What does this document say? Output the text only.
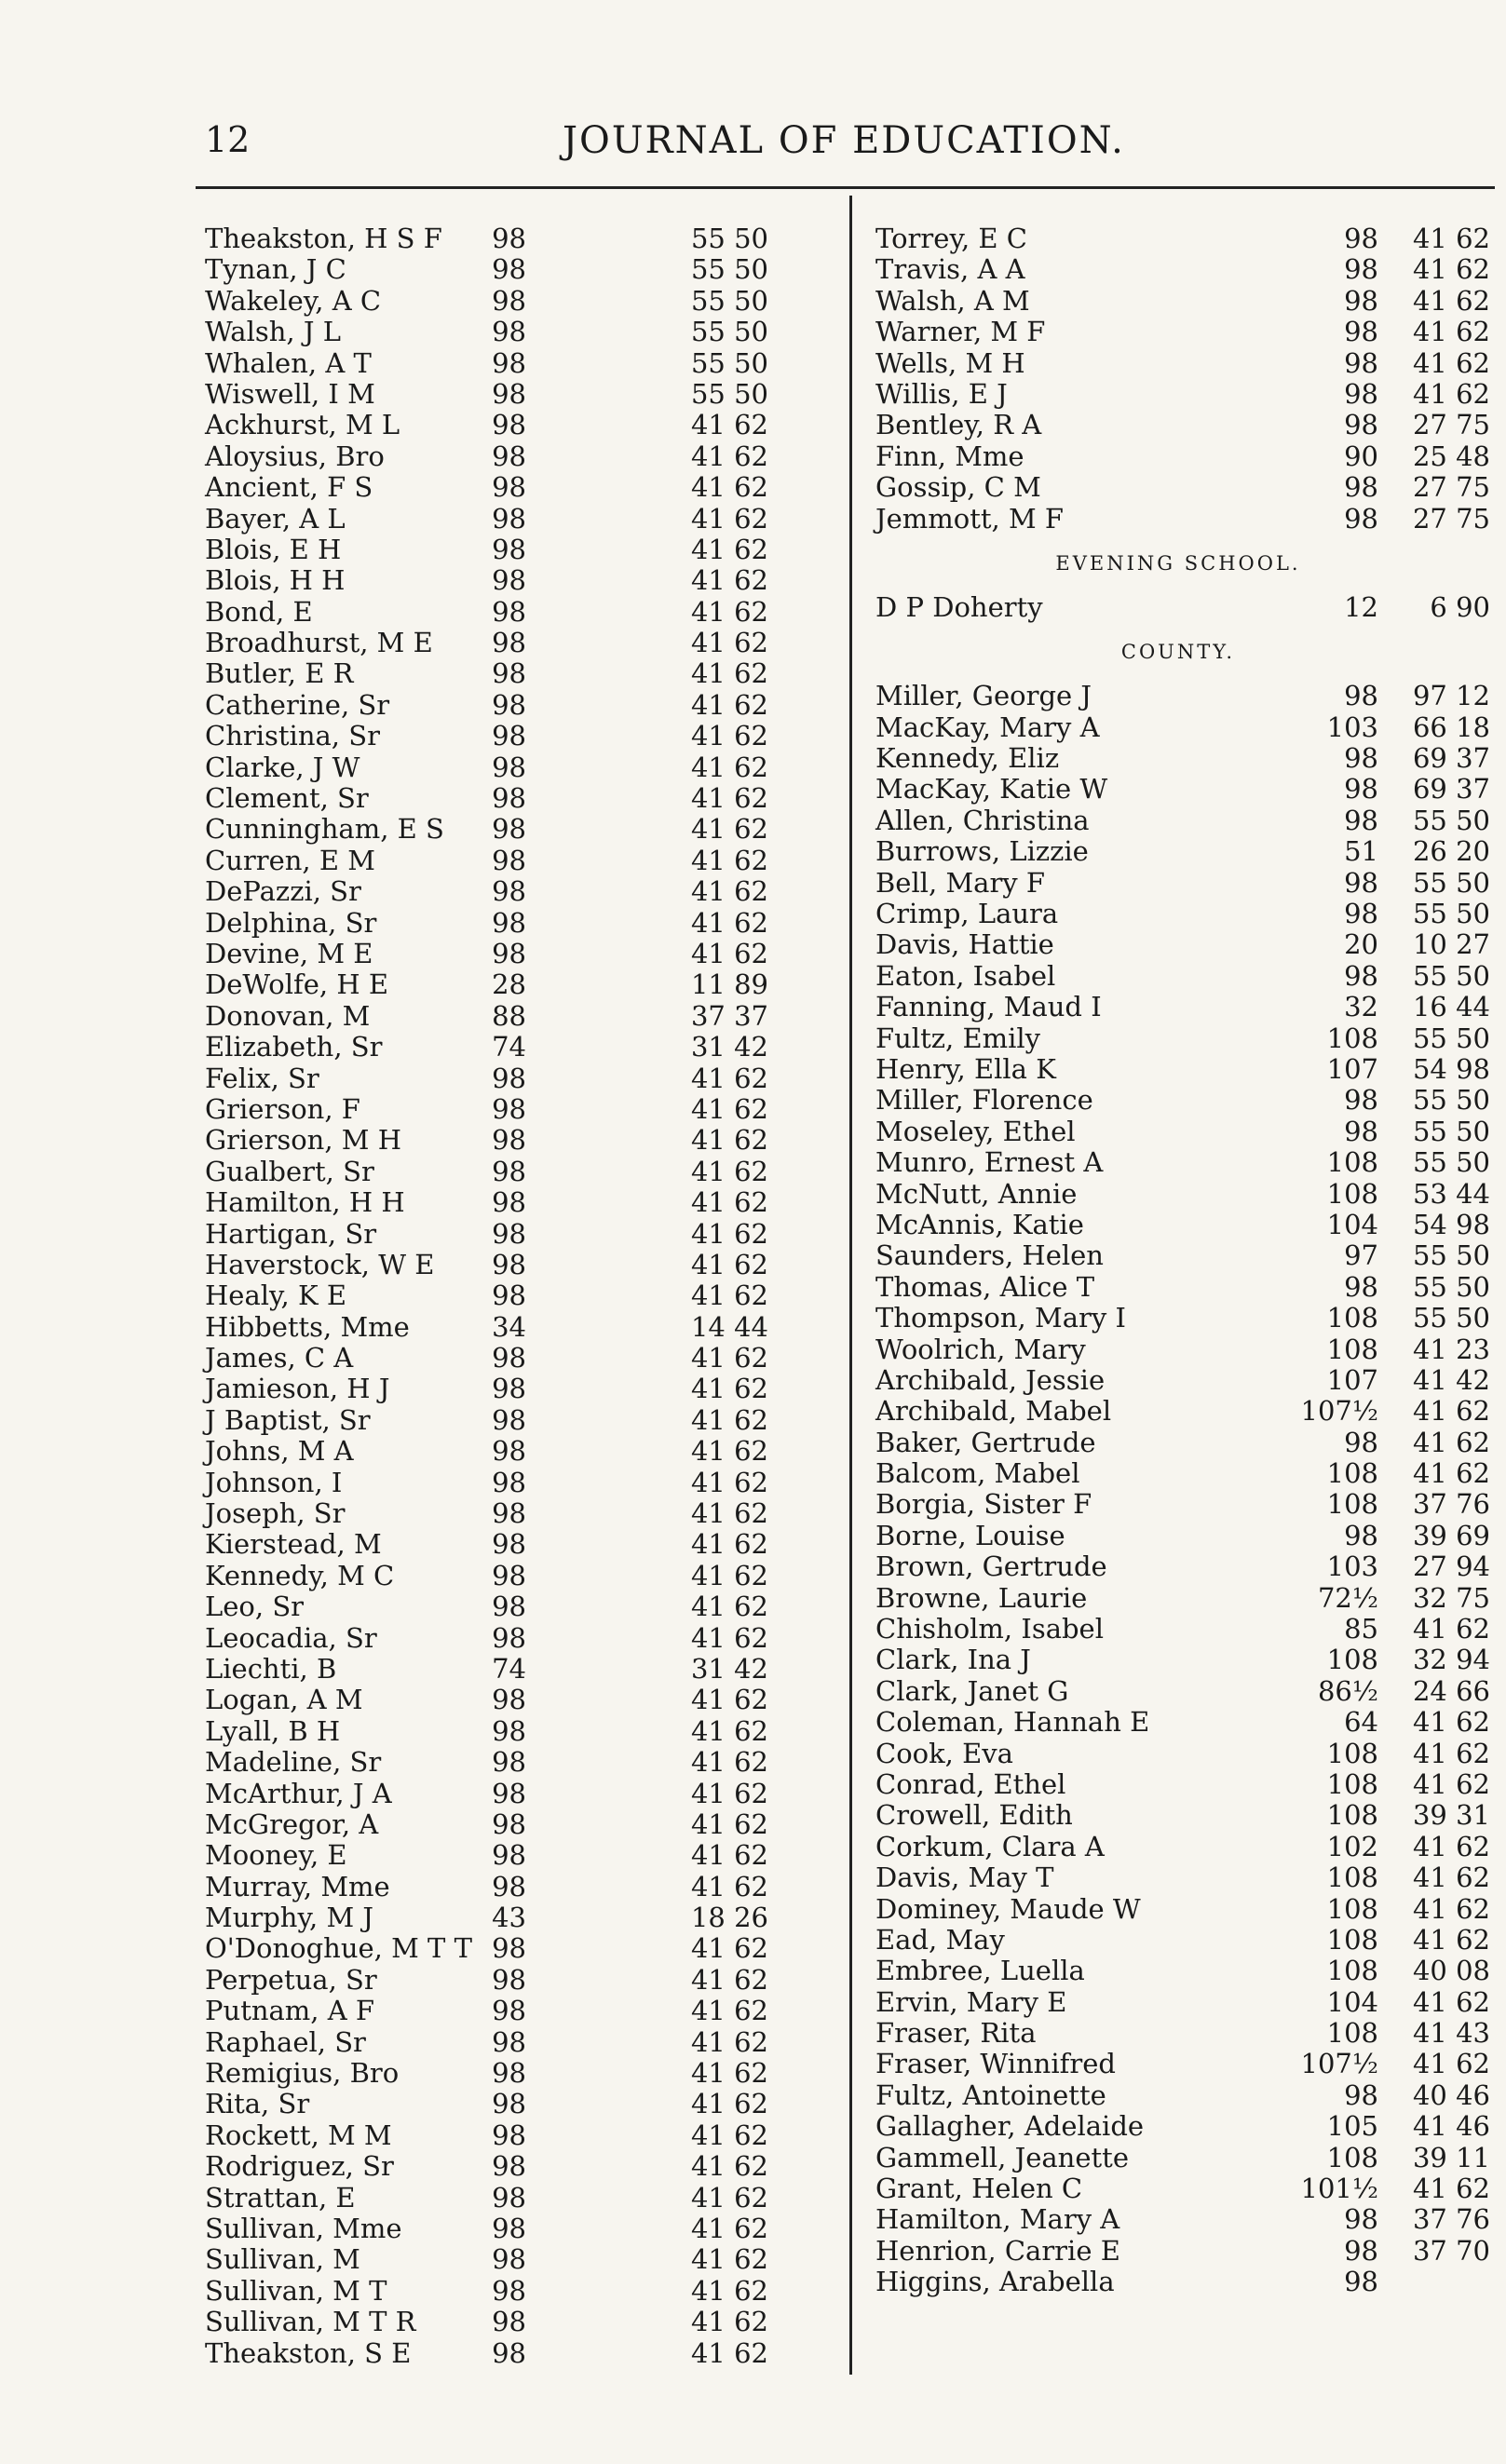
12	JOURNAL OF EDUCATION.
Theakston, H S F 98	55 50
Tynan, J C	98	55 50
Wakeley, A C	98	55 50
Walsh, J L	98	55 50
Whalen, A T	98	55 50
Wiswell, I M	98	55 50
Ackhurst, M L	98	41 62
Aloysius, Bro	98	41 62
Ancient, F S	98	41 62
Bayer, A L	98	41 62
Blois, E H	98	41 62
Blois, H H	98	41 62
Bond, E	98	41 62
Broadhurst, M E 98	41 62
Butler, E R	98	41 62
Catherine, Sr	98	41 62
Christina, Sr	98	41 62
Clarke, J W	98	41 62
Clement, Sr	98	41 62
Cunningham, E S 98	41 62
Curren, E M	98	41 62
DePazzi, Sr	98	41 62
Delphina, Sr	98	41 62
Devine, M E	98	41 62
DeWolfe, H E	28	11 89
Donovan, M	88	37 37
Elizabeth, Sr	74	31 42
Felix, Sr	98	41 62
Grierson, F	98	41 62
Grierson, M H	98	41 62
Gualbert, Sr	98	41 62
Hamilton, H H	98	41 62
Hartigan, Sr	98	41 62
Haverstock, W E 98	41 62
Healy, K E	98	41 62
Hibbetts, Mme	34	14 44
James, C A	98	41 62
Jamieson, H J	98	41 62
J Baptist, Sr	98	41 62
Johns, M A	98	41 62
Johnson, I	98	41 62
Joseph, Sr	98	41 62
Kierstead, M	98	41 62
Kennedy, M C	98	41 62
Leo, Sr	98	41 62
Leocadia, Sr	98	41 62
Liechti, B	74	31 42
Logan, A M	98	41 62
Lyall, B H	98	41 62
Madeline, Sr	98	41 62
McArthur, J A	98	41 62
McGregor, A	98	41 62
Mooney, E	98	41 62
Murray, Mme	98	41 62
Murphy, M J	43	18 26
O'Donoghue, M T T 98	41 62
Perpetua, Sr	98	41 62
Putnam, A F	98	41 62
Raphael, Sr	98	41 62
Remigius, Bro	98	41 62
Rita, Sr	98	41 62
Rockett, M M	98	41 62
Rodriguez, Sr	98	41 62
Strattan, E	98	41 62
Sullivan, Mme	98	41 62
Sullivan, M	98	41 62
Sullivan, M T	98	41 62
Sullivan, M T R	98	41 62
Theakston, S E	98	41 62
Torrey, E C	98 41 62
Travis, A A	98 41 62
Walsh, A M	98 41 62
Warner, M F	98 41 62
Wells, M H	98 41 62
Willis, E J	98 41 62
Bentley, R A	98 27 75
Finn, Mme	90 25 48
Gossip, C M	98 27 75
Jemmott, M F	98 27 75
EVENING SCHOOL.
D P Doherty	12 6 90
COUNTY.
Miller, George J	98 97 12
MacKay, Mary A	103 66 18
Kennedy, Eliz	98 69 37
MacKay, Katie W	98 69 37
Allen, Christina	98 55 50
Burrows, Lizzie	51 26 20
Bell, Mary F	98 55 50
Crimp, Laura	98 55 50
Davis, Hattie	20 10 27
Eaton, Isabel	98 55 50
Fanning, Maud I	32 16 44
Fultz, Emily	108 55 50
Henry, Ella K	107 54 98
Miller, Florence	98 55 50
Moseley, Ethel	98 55 50
Munro, Ernest A	108 55 50
McNutt, Annie	108 53 44
McAnnis, Katie	104 54 98
Saunders, Helen	97 55 50
Thomas, Alice T	98 55 50
Thompson, Mary I	108 55 50
Woolrich, Mary	108 41 23
Archibald, Jessie	107 41 42
Archibald, Mabel	107½ 41 62
Baker, Gertrude	98 41 62
Balcom, Mabel	108 41 62
Borgia, Sister F	108 37 76
Borne, Louise	98 39 69
Brown, Gertrude	103 27 94
Browne, Laurie	72½ 32 75
Chisholm, Isabel	85 41 62
Clark, Ina J	108 32 94
Clark, Janet G	86½ 24 66
Coleman, Hannah E	64 41 62
Cook, Eva	108 41 62
Conrad, Ethel	108 41 62
Crowell, Edith	108 39 31
Corkum, Clara A	102 41 62
Davis, May T	108 41 62
Dominey, Maude W	108 41 62
Ead, May	108 41 62
Embree, Luella	108 40 08
Ervin, Mary E	104 41 62
Fraser, Rita	108 41 43
Fraser, Winnifred	107½ 41 62
Fultz, Antoinette	98 40 46
Gallagher, Adelaide	105 41 46
Gammell, Jeanette	108 39 11
Grant, Helen C	101½ 41 62
Hamilton, Mary A	98 37 76
Henrion, Carrie E	98 37 70
Higgins, Arabella	98
